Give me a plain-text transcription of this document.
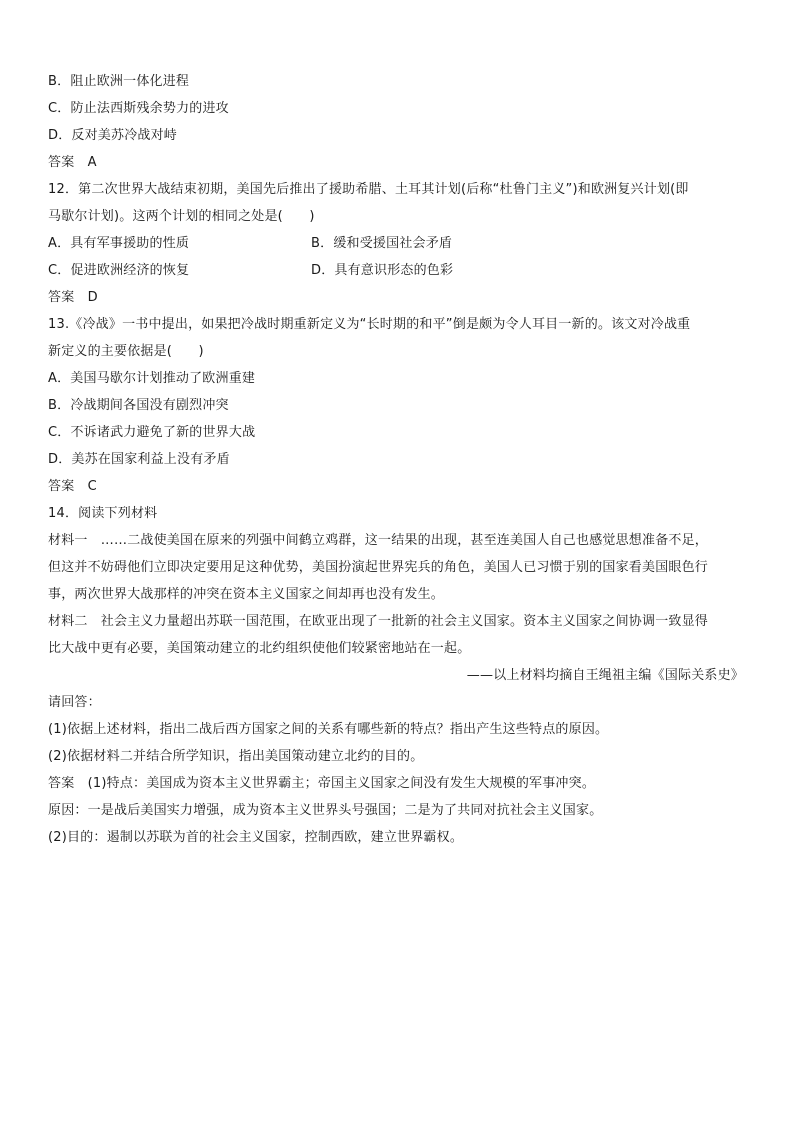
B．阻止欧洲一体化进程
C．防止法西斯残余势力的进攻
D．反对美苏冷战对峙
答案　A
12．第二次世界大战结束初期，美国先后推出了援助希腊、土耳其计划(后称“杜鲁门主义”)和欧洲复兴计划(即
马歇尔计划)。这两个计划的相同之处是(　　)
A．具有军事援助的性质	B．缓和受援国社会矛盾
C．促进欧洲经济的恢复	D．具有意识形态的色彩
答案　D
13.《冷战》一书中提出，如果把冷战时期重新定义为“长时期的和平”倒是颇为令人耳目一新的。该文对冷战重
新定义的主要依据是(　　)
A．美国马歇尔计划推动了欧洲重建
B．冷战期间各国没有剧烈冲突
C．不诉诸武力避免了新的世界大战
D．美苏在国家利益上没有矛盾
答案　C
14．阅读下列材料
材料一　……二战使美国在原来的列强中间鹤立鸡群，这一结果的出现，甚至连美国人自己也感觉思想准备不足，
但这并不妨碍他们立即决定要用足这种优势，美国扮演起世界宪兵的角色，美国人已习惯于别的国家看美国眼色行
事，两次世界大战那样的冲突在资本主义国家之间却再也没有发生。
材料二　社会主义力量超出苏联一国范围，在欧亚出现了一批新的社会主义国家。资本主义国家之间协调一致显得
比大战中更有必要，美国策动建立的北约组织使他们较紧密地站在一起。
——以上材料均摘自王绳祖主编《国际关系史》
请回答：
(1)依据上述材料，指出二战后西方国家之间的关系有哪些新的特点？指出产生这些特点的原因。
(2)依据材料二并结合所学知识，指出美国策动建立北约的目的。
答案　(1)特点：美国成为资本主义世界霸主；帝国主义国家之间没有发生大规模的军事冲突。
原因：一是战后美国实力增强，成为资本主义世界头号强国；二是为了共同对抗社会主义国家。
(2)目的：遏制以苏联为首的社会主义国家，控制西欧，建立世界霸权。
